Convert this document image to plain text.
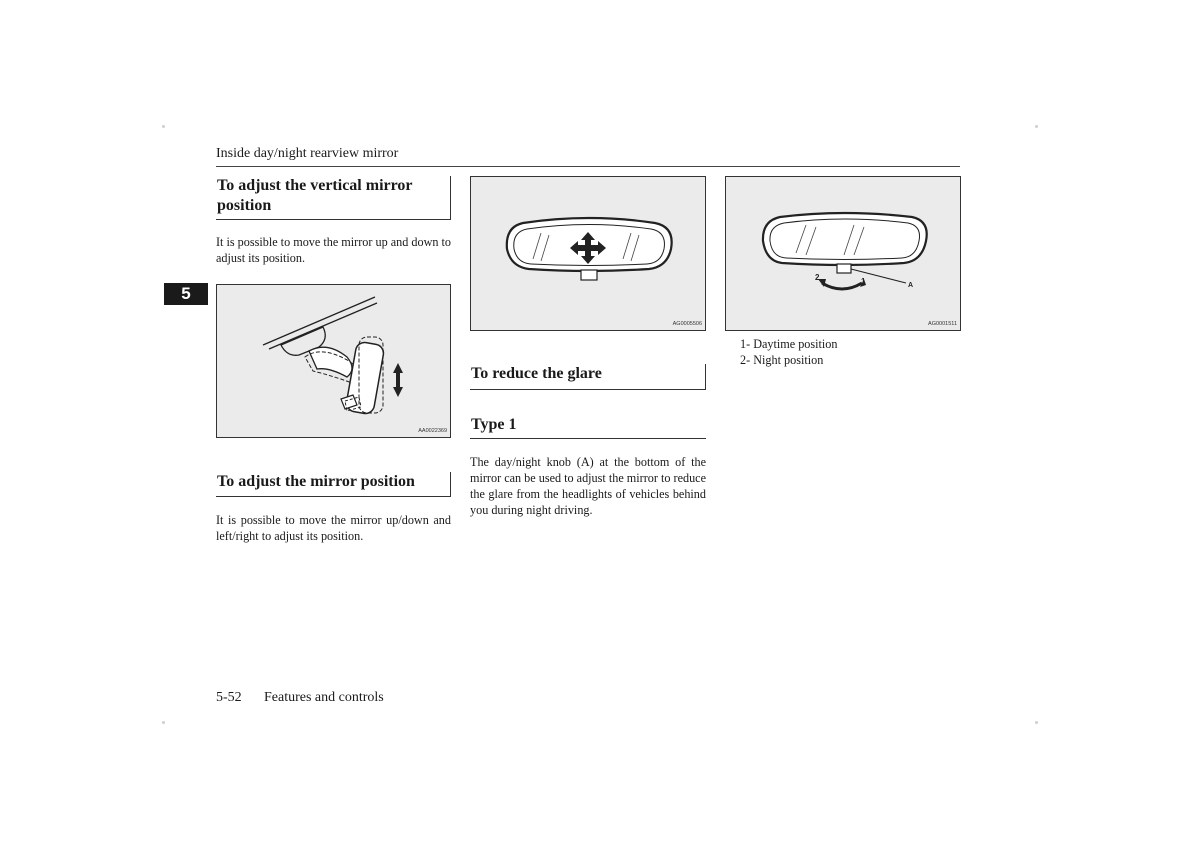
Inside day/night rearview mirror
5
To adjust the vertical mirror position
It is possible to move the mirror up and down to adjust its position.
AA0022369
To adjust the mirror position
It is possible to move the mirror up/down and left/right to adjust its position.
AG0005506
To reduce the glare
Type 1
The day/night knob (A) at the bottom of the mirror can be used to adjust the mirror to reduce the glare from the headlights of vehicles behind you during night driving.
2	1	A
AG0001511
1- Daytime position
2- Night position
5-52 Features and controls
